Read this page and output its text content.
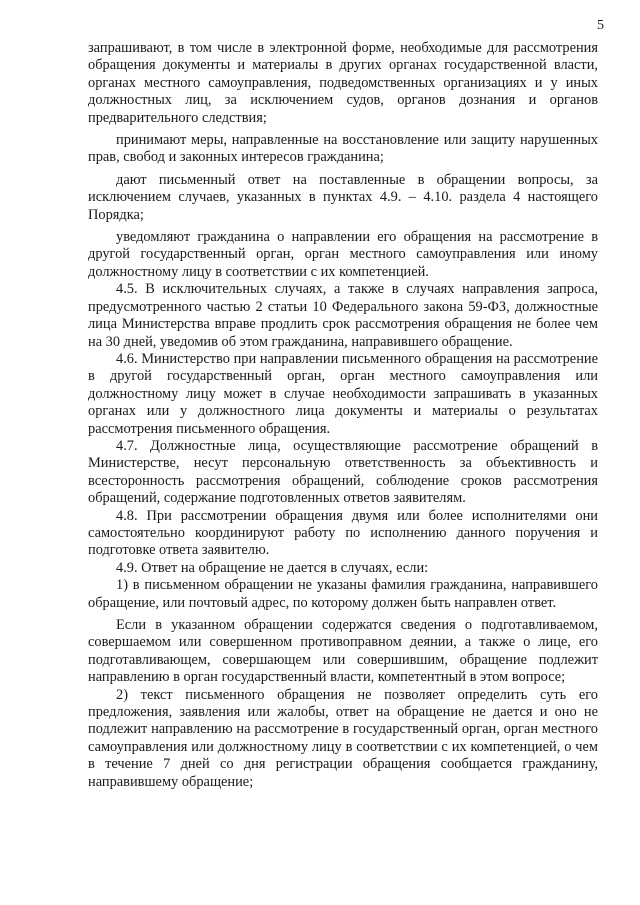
5

запрашивают, в том числе в электронной форме, необходимые для рассмотрения обращения документы и материалы в других органах государственной власти, органах местного самоуправления, подведомственных организациях и у иных должностных лиц, за исключением судов, органов дознания и органов предварительного следствия;

принимают меры, направленные на восстановление или защиту нарушенных прав, свобод и законных интересов гражданина;

дают письменный ответ на поставленные в обращении вопросы, за исключением случаев, указанных в пунктах 4.9. – 4.10. раздела 4 настоящего Порядка;

уведомляют гражданина о направлении его обращения на рассмотрение в другой государственный орган, орган местного самоуправления или иному должностному лицу в соответствии с их компетенцией.

4.5. В исключительных случаях, а также в случаях направления запроса, предусмотренного частью 2 статьи 10 Федерального закона 59-ФЗ, должностные лица Министерства вправе продлить срок рассмотрения обращения не более чем на 30 дней, уведомив об этом гражданина, направившего обращение.

4.6. Министерство при направлении письменного обращения на рассмотрение в другой государственный орган, орган местного самоуправления или должностному лицу может в случае необходимости запрашивать в указанных органах или у должностного лица документы и материалы о результатах рассмотрения письменного обращения.

4.7. Должностные лица, осуществляющие рассмотрение обращений в Министерстве, несут персональную ответственность за объективность и всесторонность рассмотрения обращений, соблюдение сроков рассмотрения обращений, содержание подготовленных ответов заявителям.

4.8. При рассмотрении обращения двумя или более исполнителями они самостоятельно координируют работу по исполнению данного поручения и подготовке ответа заявителю.

4.9. Ответ на обращение не дается в случаях, если:

1) в письменном обращении не указаны фамилия гражданина, направившего обращение, или почтовый адрес, по которому должен быть направлен ответ.

Если в указанном обращении содержатся сведения о подготавливаемом, совершаемом или совершенном противоправном деянии, а также о лице, его подготавливающем, совершающем или совершившим, обращение подлежит направлению в орган государственный власти, компетентный в этом вопросе;

2) текст письменного обращения не позволяет определить суть его предложения, заявления или жалобы, ответ на обращение не дается и оно не подлежит направлению на рассмотрение в государственный орган, орган местного самоуправления или должностному лицу в соответствии с их компетенцией, о чем в течение 7 дней со дня регистрации обращения сообщается гражданину, направившему обращение;
